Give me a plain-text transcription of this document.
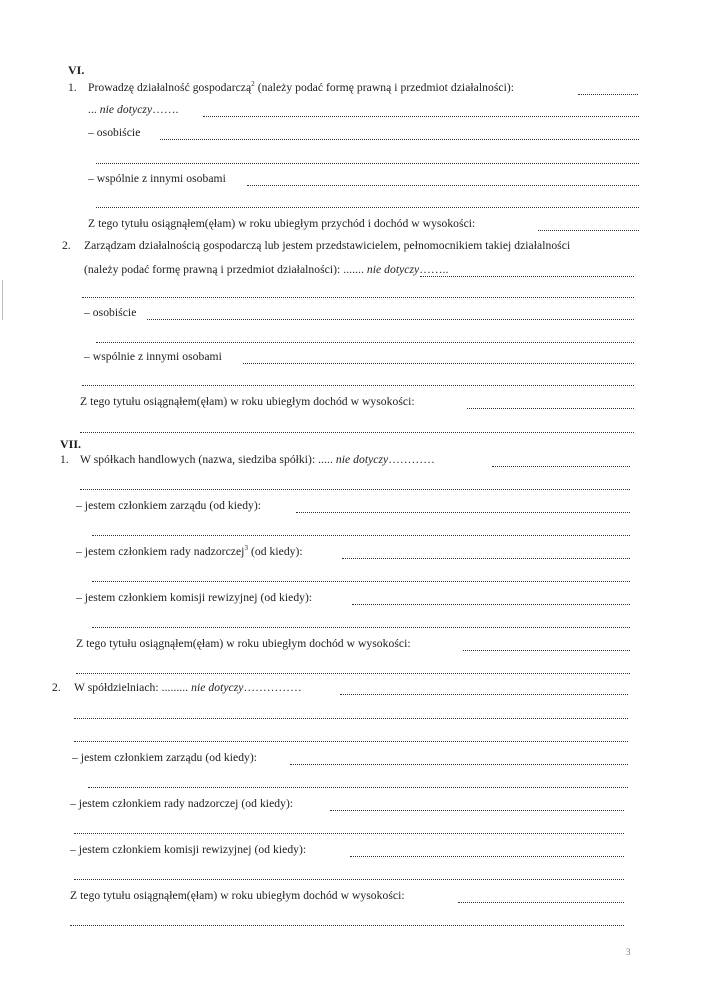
VI.
1. Prowadzę działalność gospodarczą$^2$ (należy podać formę prawną i przedmiot działalności):
... nie dotyczy…….
– osobiście
– wspólnie z innymi osobami
Z tego tytułu osiągnąłem(ęłam) w roku ubiegłym przychód i dochód w wysokości:
2. Zarządzam działalnością gospodarczą lub jestem przedstawicielem, pełnomocnikiem takiej działalności
(należy podać formę prawną i przedmiot działalności): ....... nie dotyczy……..
– osobiście
– wspólnie z innymi osobami
Z tego tytułu osiągnąłem(ęłam) w roku ubiegłym dochód w wysokości:
VII.
1. W spółkach handlowych (nazwa, siedziba spółki): ..... nie dotyczy…………
– jestem członkiem zarządu (od kiedy):
– jestem członkiem rady nadzorczej$^3$ (od kiedy):
– jestem członkiem komisji rewizyjnej (od kiedy):
Z tego tytułu osiągnąłem(ęłam) w roku ubiegłym dochód w wysokości:
2. W spółdzielniach: ......... nie dotyczy……………
– jestem członkiem zarządu (od kiedy):
– jestem członkiem rady nadzorczej (od kiedy):
– jestem członkiem komisji rewizyjnej (od kiedy):
Z tego tytułu osiągnąłem(ęłam) w roku ubiegłym dochód w wysokości:
3
